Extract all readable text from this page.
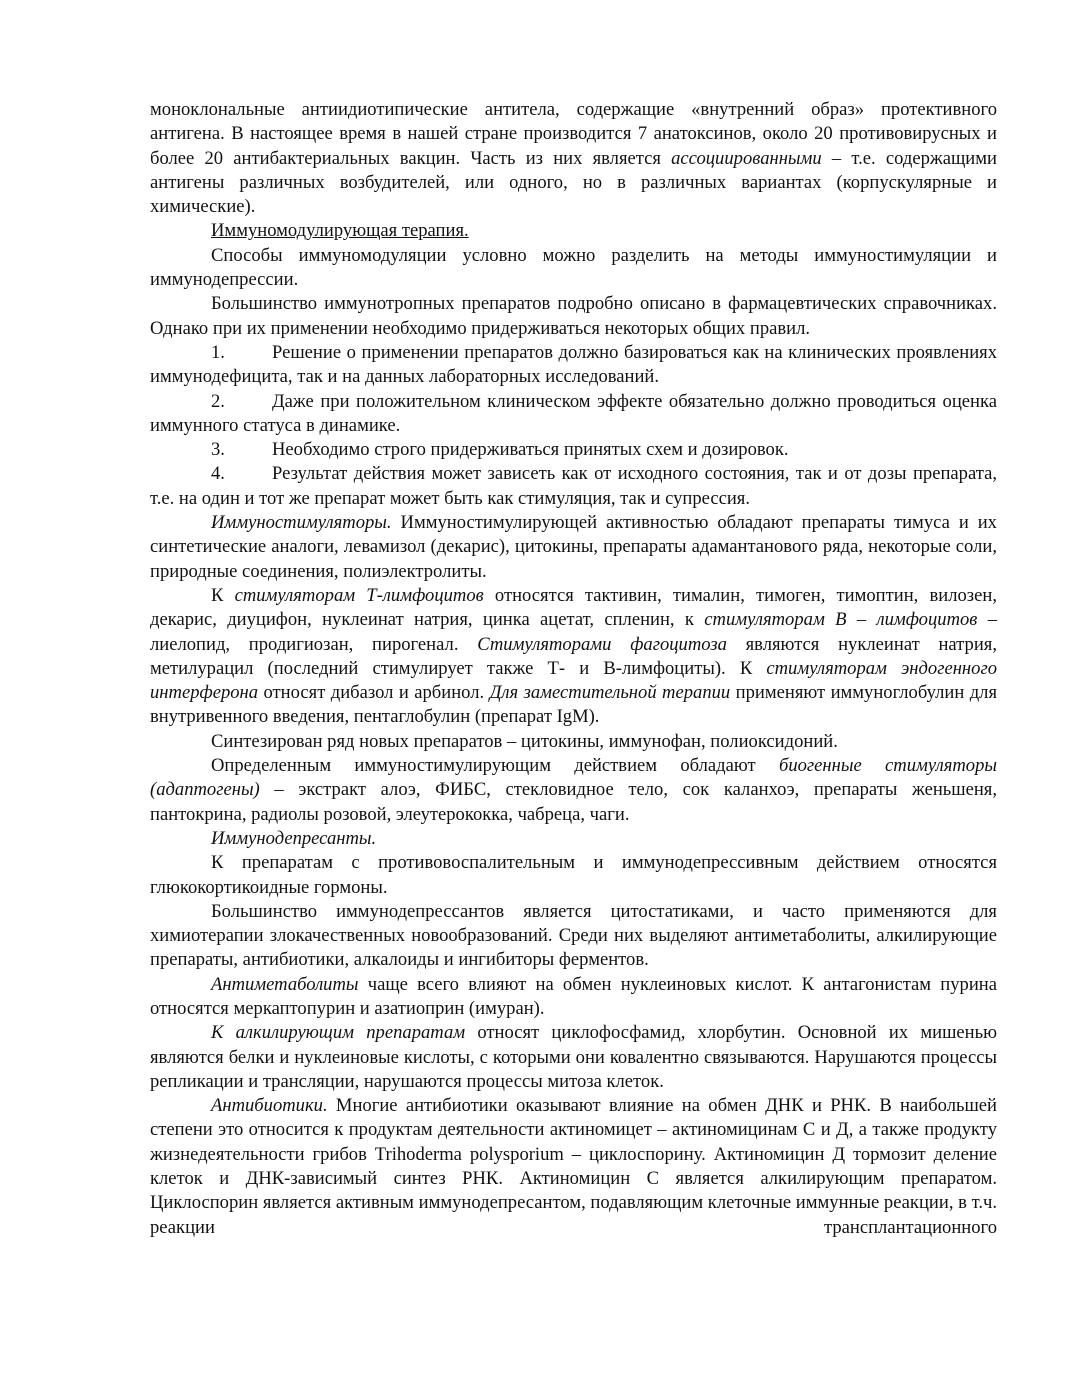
моноклональные антиидиотипические антитела, содержащие «внутренний образ» протективного антигена. В настоящее время в нашей стране производится 7 анатоксинов, около 20 противовирусных и более 20 антибактериальных вакцин. Часть из них является ассоциированными – т.е. содержащими антигены различных возбудителей, или одного, но в различных вариантах (корпускулярные и химические).

Иммуномодулирующая терапия.

Способы иммуномодуляции условно можно разделить на методы иммуностимуляции и иммунодепрессии.

Большинство иммунотропных препаратов подробно описано в фармацевтических справочниках. Однако при их применении необходимо придерживаться некоторых общих правил.

1.	Решение о применении препаратов должно базироваться как на клинических проявлениях иммунодефицита, так и на данных лабораторных исследований.

2.	Даже при положительном клиническом эффекте обязательно должно проводиться оценка иммунного статуса в динамике.

3.	Необходимо строго придерживаться принятых схем и дозировок.

4.	Результат действия может зависеть как от исходного состояния, так и от дозы препарата, т.е. на один и тот же препарат может быть как стимуляция, так и супрессия.

Иммуностимуляторы. Иммуностимулирующей активностью обладают препараты тимуса и их синтетические аналоги, левамизол (декарис), цитокины, препараты адамантанового ряда, некоторые соли, природные соединения, полиэлектролиты.

К стимуляторам Т-лимфоцитов относятся тактивин, тималин, тимоген, тимоптин, вилозен, декарис, диуцифон, нуклеинат натрия, цинка ацетат, спленин, к стимуляторам В – лимфоцитов – лиелопид, продигиозан, пирогенал. Стимуляторами фагоцитоза являются нуклеинат натрия, метилурацил (последний стимулирует также Т- и В-лимфоциты). К стимуляторам эндогенного интерферона относят дибазол и арбинол. Для заместительной терапии применяют иммуноглобулин для внутривенного введения, пентаглобулин (препарат IgM).

Синтезирован ряд новых препаратов – цитокины, иммунофан, полиоксидоний.

Определенным иммуностимулирующим действием обладают биогенные стимуляторы (адаптогены) – экстракт алоэ, ФИБС, стекловидное тело, сок каланхоэ, препараты женьшеня, пантокрина, радиолы розовой, элеутерококка, чабреца, чаги.

Иммунодепресанты.

К препаратам с противовоспалительным и иммунодепрессивным действием относятся глюкокортикоидные гормоны.

Большинство иммунодепрессантов является цитостатиками, и часто применяются для химиотерапии злокачественных новообразований. Среди них выделяют антиметаболиты, алкилирующие препараты, антибиотики, алкалоиды и ингибиторы ферментов.

Антиметаболиты чаще всего влияют на обмен нуклеиновых кислот. К антагонистам пурина относятся меркаптопурин и азатиоприн (имуран).

К алкилирующим препаратам относят циклофосфамид, хлорбутин. Основной их мишенью являются белки и нуклеиновые кислоты, с которыми они ковалентно связываются. Нарушаются процессы репликации и трансляции, нарушаются процессы митоза клеток.

Антибиотики. Многие антибиотики оказывают влияние на обмен ДНК и РНК. В наибольшей степени это относится к продуктам деятельности актиномицет – актиномицинам С и Д, а также продукту жизнедеятельности грибов Trihoderma polysporium – циклоспорину. Актиномицин Д тормозит деление клеток и ДНК-зависимый синтез РНК. Актиномицин С является алкилирующим препаратом. Циклоспорин является активным иммунодепресантом, подавляющим клеточные иммунные реакции, в т.ч. реакции трансплантационного
